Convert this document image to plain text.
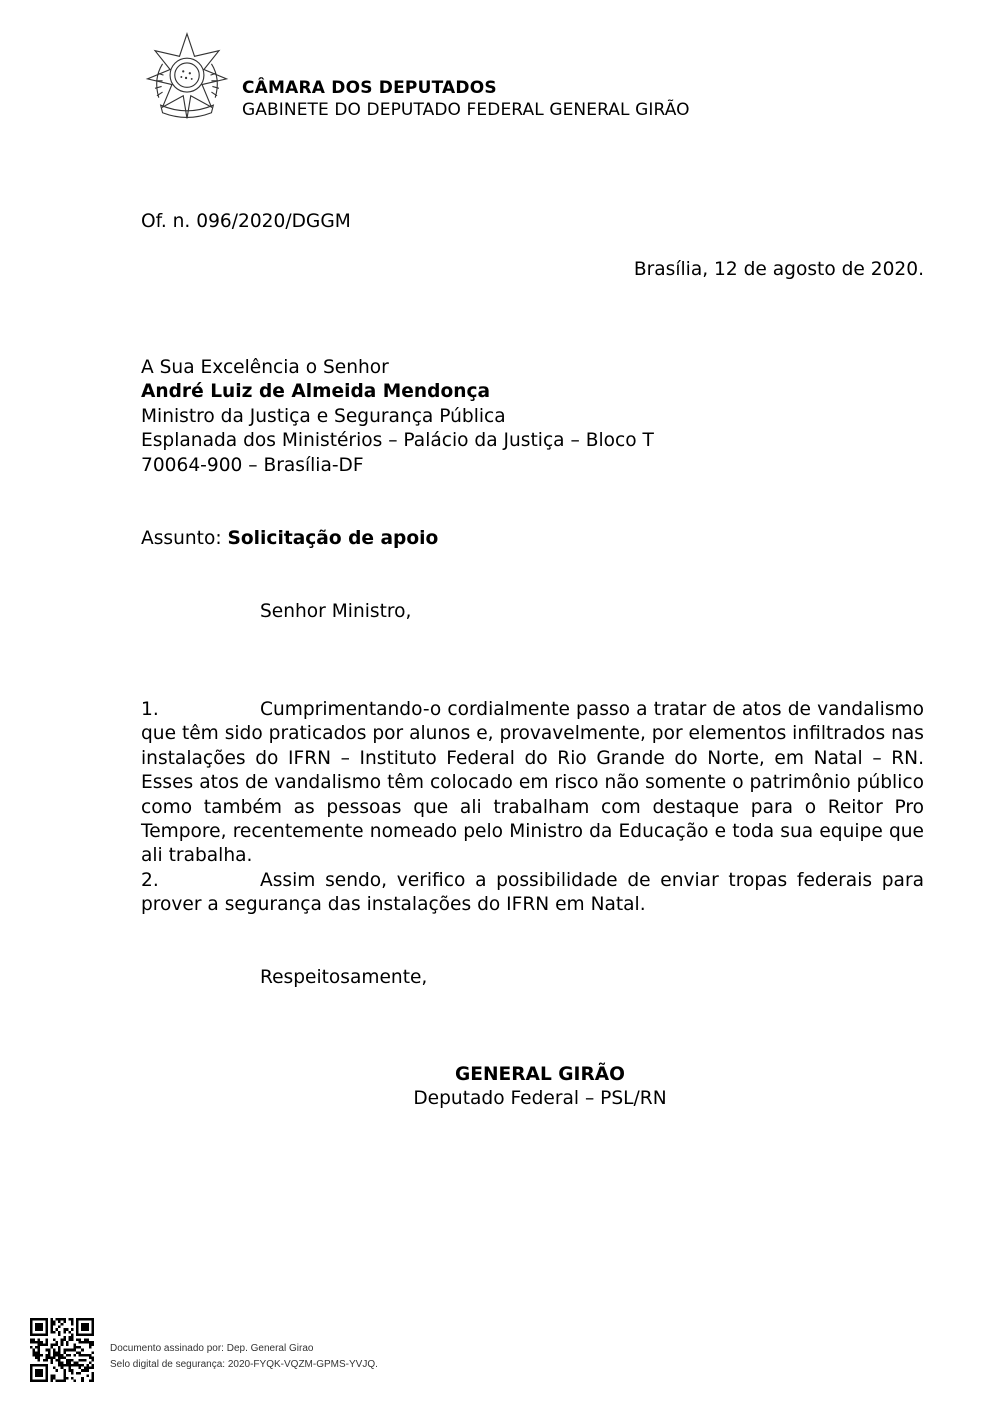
CÂMARA DOS DEPUTADOS
GABINETE DO DEPUTADO FEDERAL GENERAL GIRÃO
Of. n. 096/2020/DGGM
Brasília, 12 de agosto de 2020.
A Sua Excelência o Senhor
André Luiz de Almeida Mendonça
Ministro da Justiça e Segurança Pública
Esplanada dos Ministérios – Palácio da Justiça – Bloco T
70064-900 – Brasília-DF
Assunto: Solicitação de apoio
Senhor Ministro,
1.	Cumprimentando-o cordialmente passo a tratar de atos de vandalismo que têm sido praticados por alunos e, provavelmente, por elementos infiltrados nas instalações do IFRN – Instituto Federal do Rio Grande do Norte, em Natal – RN. Esses atos de vandalismo têm colocado em risco não somente o patrimônio público como também as pessoas que ali trabalham com destaque para o Reitor Pro Tempore, recentemente nomeado pelo Ministro da Educação e toda sua equipe que ali trabalha.
2.	Assim sendo, verifico a possibilidade de enviar tropas federais para prover a segurança das instalações do IFRN em Natal.
Respeitosamente,
GENERAL GIRÃO
Deputado Federal – PSL/RN
Documento assinado por: Dep. General Girao
Selo digital de segurança: 2020-FYQK-VQZM-GPMS-YVJQ.
